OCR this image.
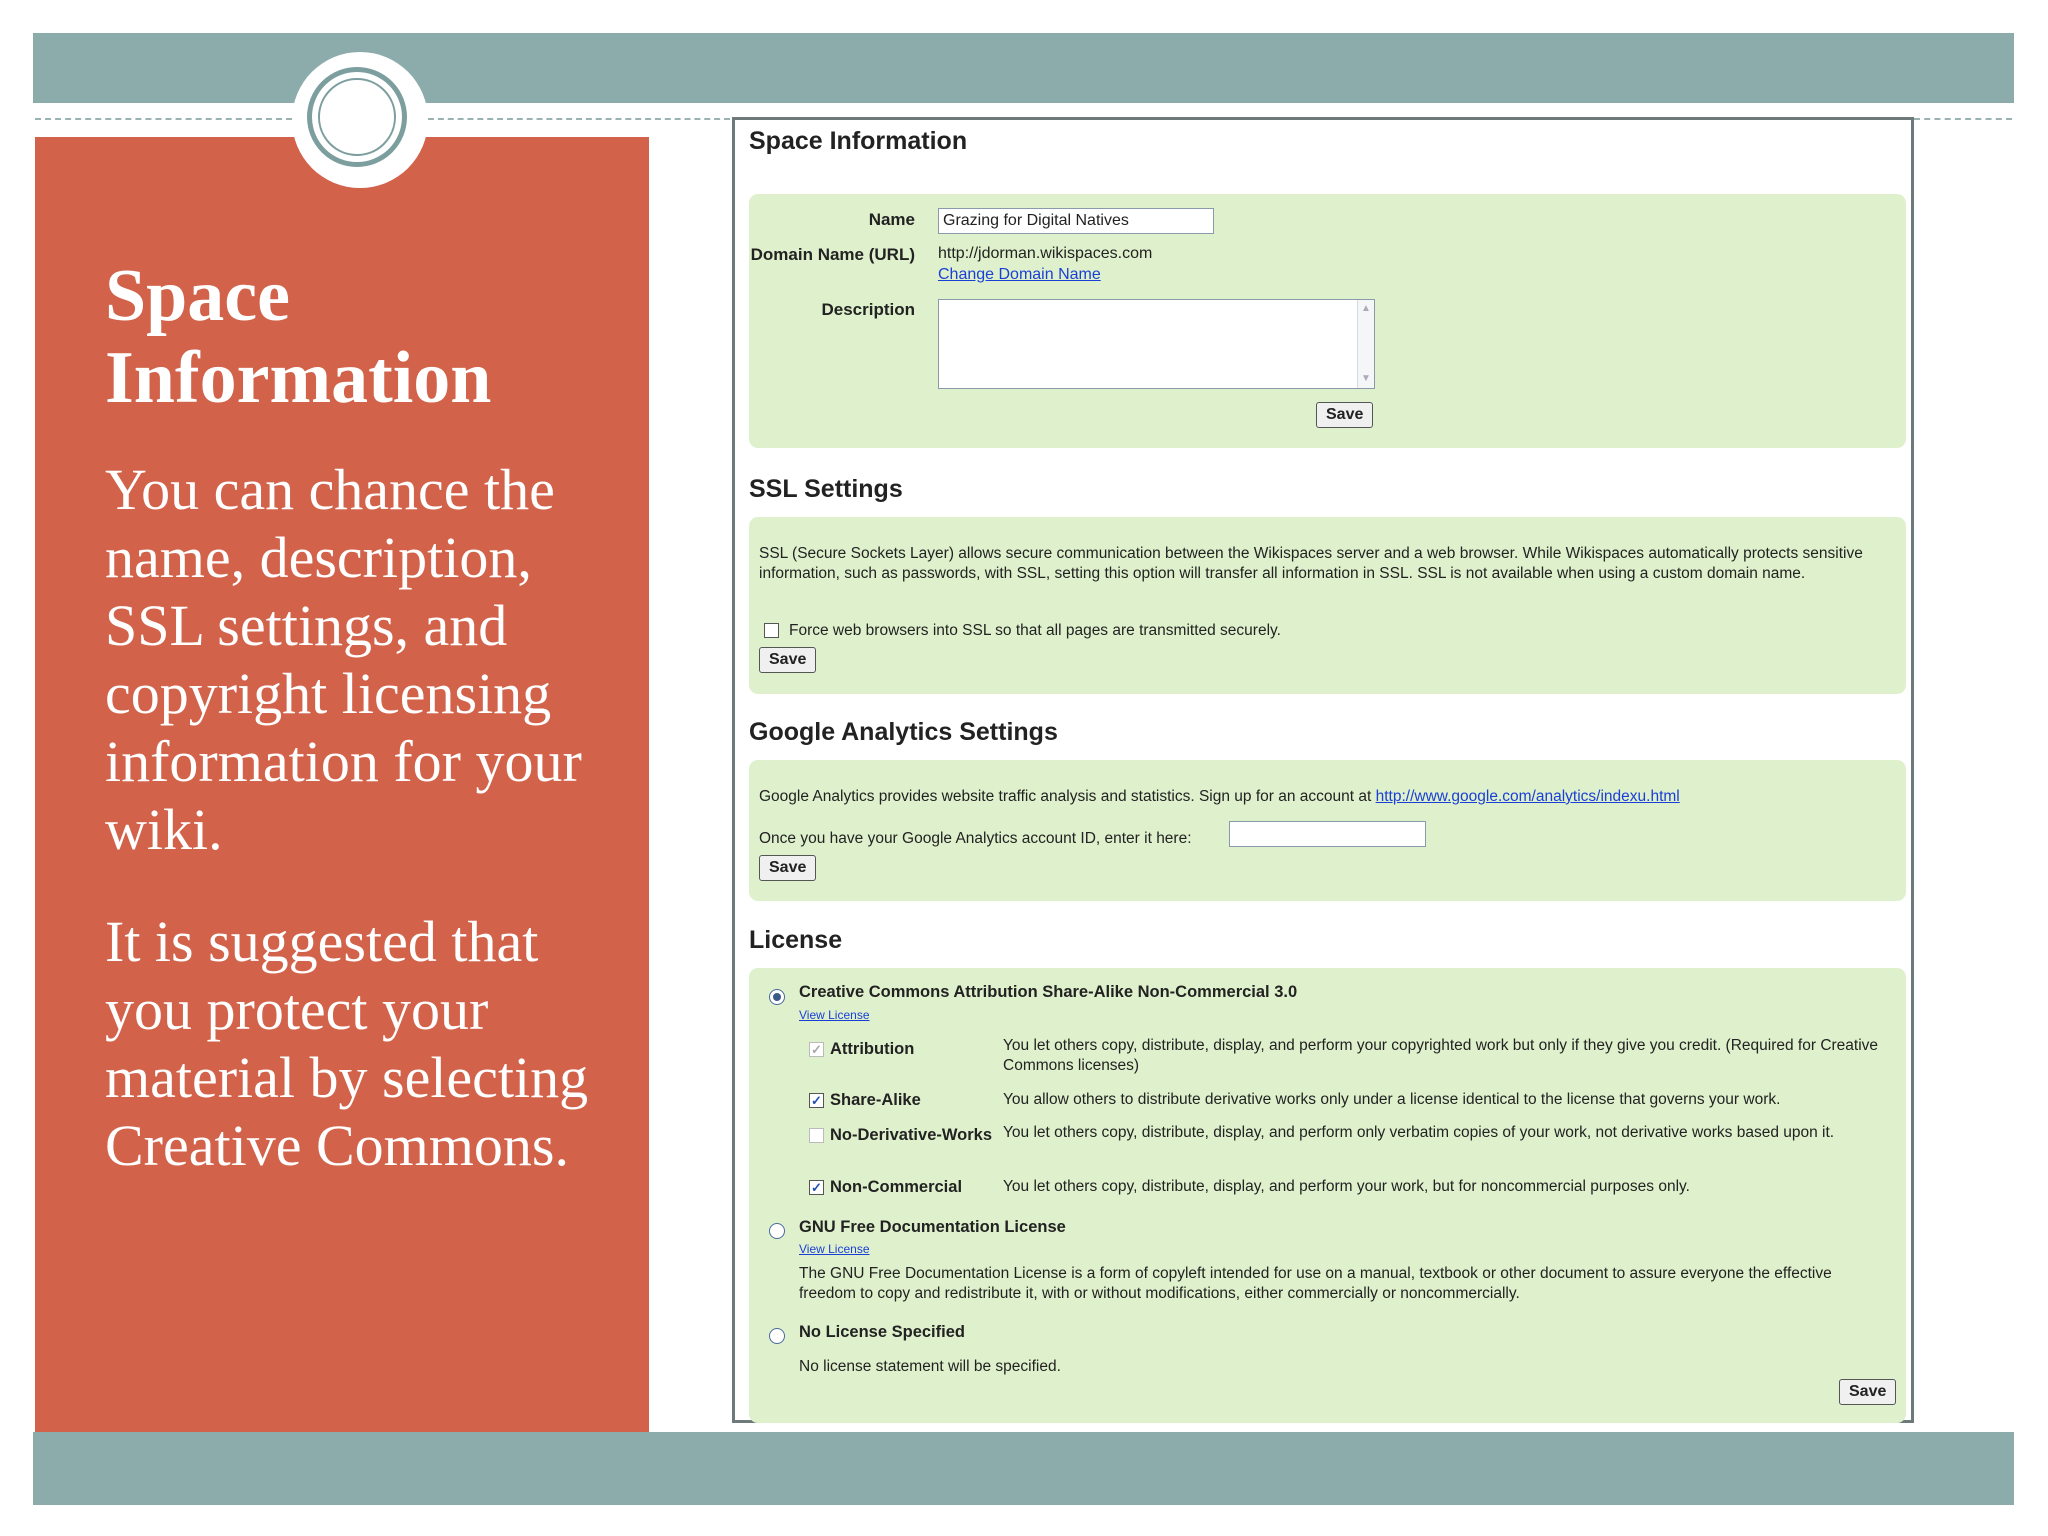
Space Information

You can chance the name, description, SSL settings, and copyright licensing information for your wiki.

It is suggested that you protect your material by selecting Creative Commons.

Space Information
Name
Grazing for Digital Natives
Domain Name (URL) http://jdorman.wikispaces.com
Change Domain Name
Description	▲
▼
Save
SSL Settings
SSL (Secure Sockets Layer) allows secure communication between the Wikispaces server and a web browser. While Wikispaces automatically protects sensitive information, such as passwords, with SSL, setting this option will transfer all information in SSL. SSL is not available when using a custom domain name.
Force web browsers into SSL so that all pages are transmitted securely.
Save
Google Analytics Settings
Google Analytics provides website traffic analysis and statistics. Sign up for an account at http://www.google.com/analytics/indexu.html
Once you have your Google Analytics account ID, enter it here:
Save
License
Creative Commons Attribution Share-Alike Non-Commercial 3.0
View License
✓ Attribution	You let others copy, distribute, display, and perform your copyrighted work but only if they give you credit. (Required for Creative Commons licenses)
✓ Share-Alike	You allow others to distribute derivative works only under a license identical to the license that governs your work.
No-Derivative-Works You let others copy, distribute, display, and perform only verbatim copies of your work, not derivative works based upon it.
✓ Non-Commercial	You let others copy, distribute, display, and perform your work, but for noncommercial purposes only.
GNU Free Documentation License
View License
The GNU Free Documentation License is a form of copyleft intended for use on a manual, textbook or other document to assure everyone the effective freedom to copy and redistribute it, with or without modifications, either commercially or noncommercially.
No License Specified
No license statement will be specified.
Save
